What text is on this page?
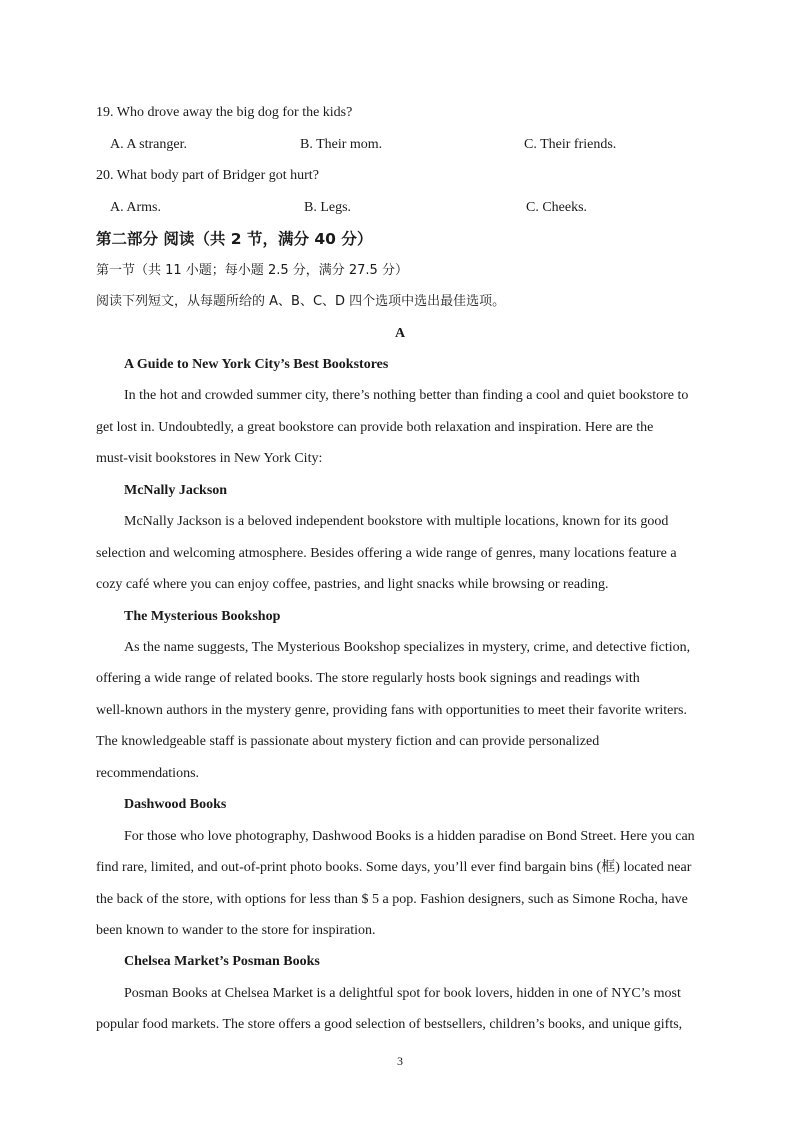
19. Who drove away the big dog for the kids?
A. A stranger.	B. Their mom.	C. Their friends.
20. What body part of Bridger got hurt?
A. Arms.	B. Legs.	C. Cheeks.
第二部分 阅读（共 2 节，满分 40 分）
第一节（共 11 小题；每小题 2.5 分，满分 27.5 分）
阅读下列短文，从每题所给的 A、B、C、D 四个选项中选出最佳选项。
A
A Guide to New York City’s Best Bookstores
In the hot and crowded summer city, there’s nothing better than finding a cool and quiet bookstore to
get lost in. Undoubtedly, a great bookstore can provide both relaxation and inspiration. Here are the
must-visit bookstores in New York City:
McNally Jackson
McNally Jackson is a beloved independent bookstore with multiple locations, known for its good
selection and welcoming atmosphere. Besides offering a wide range of genres, many locations feature a
cozy café where you can enjoy coffee, pastries, and light snacks while browsing or reading.
The Mysterious Bookshop
As the name suggests, The Mysterious Bookshop specializes in mystery, crime, and detective fiction,
offering a wide range of related books. The store regularly hosts book signings and readings with
well-known authors in the mystery genre, providing fans with opportunities to meet their favorite writers.
The knowledgeable staff is passionate about mystery fiction and can provide personalized
recommendations.
Dashwood Books
For those who love photography, Dashwood Books is a hidden paradise on Bond Street. Here you can
find rare, limited, and out-of-print photo books. Some days, you’ll ever find bargain bins (框) located near
the back of the store, with options for less than $ 5 a pop. Fashion designers, such as Simone Rocha, have
been known to wander to the store for inspiration.
Chelsea Market’s Posman Books
Posman Books at Chelsea Market is a delightful spot for book lovers, hidden in one of NYC’s most
popular food markets. The store offers a good selection of bestsellers, children’s books, and unique gifts,
3
